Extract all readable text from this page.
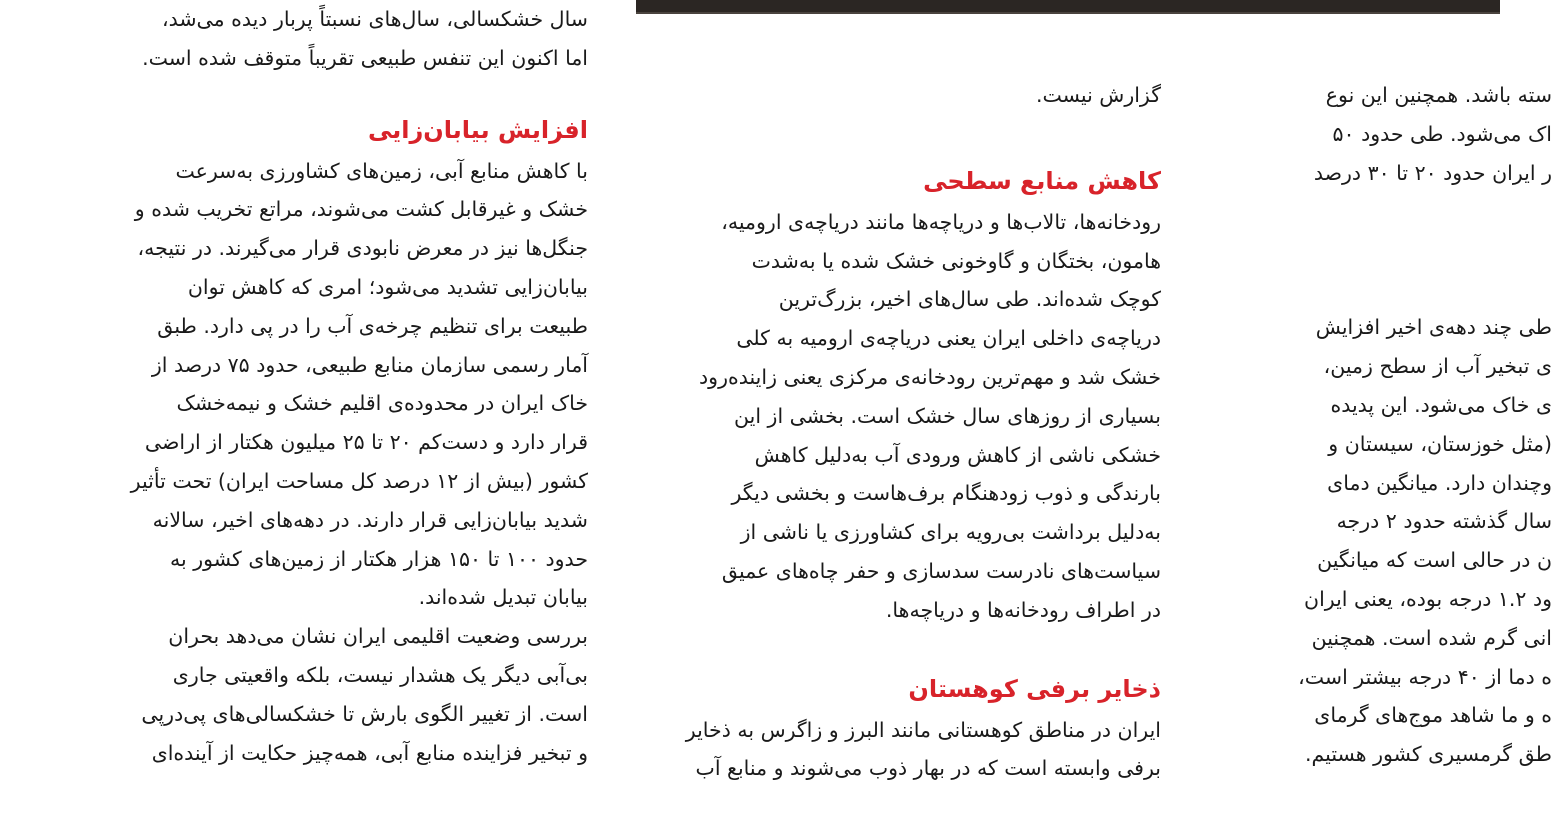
سال خشکسالی، سال‌های نسبتاً پربار دیده می‌شد،
اما اکنون این تنفس طبیعی تقریباً متوقف شده است.
افزایش بیابان‌زایی
با کاهش منابع آبی، زمین‌های کشاورزی به‌سرعت
خشک و غیرقابل کشت می‌شوند، مراتع تخریب شده و
جنگل‌ها نیز در معرض نابودی قرار می‌گیرند. در نتیجه،
بیابان‌زایی تشدید می‌شود؛ امری که کاهش توان
طبیعت برای تنظیم چرخه‌ی آب را در پی دارد. طبق
آمار رسمی سازمان منابع طبیعی، حدود ۷۵ درصد از
خاک ایران در محدوده‌ی اقلیم خشک و نیمه‌خشک
قرار دارد و دست‌کم ۲۰ تا ۲۵ میلیون هکتار از اراضی
کشور (بیش از ۱۲ درصد کل مساحت ایران) تحت تأثیر
شدید بیابان‌زایی قرار دارند. در دهه‌های اخیر، سالانه
حدود ۱۰۰ تا ۱۵۰ هزار هکتار از زمین‌های کشور به
بیابان تبدیل شده‌اند.
بررسی وضعیت اقلیمی ایران نشان می‌دهد بحران
بی‌آبی دیگر یک هشدار نیست، بلکه واقعیتی جاری
است. از تغییر الگوی بارش تا خشکسالی‌های پی‌درپی
و تبخیر فزاینده منابع آبی، همه‌چیز حکایت از آینده‌ای
گزارش نیست.
کاهش منابع سطحی
رودخانه‌ها، تالاب‌ها و دریاچه‌ها مانند دریاچه‌ی ارومیه،
هامون، بختگان و گاوخونی خشک شده یا به‌شدت
کوچک شده‌اند. طی سال‌های اخیر، بزرگ‌ترین
دریاچه‌ی داخلی ایران یعنی دریاچه‌ی ارومیه به کلی
خشک شد و مهم‌ترین رودخانه‌ی مرکزی یعنی زاینده‌رود
بسیاری از روزهای سال خشک است. بخشی از این
خشکی ناشی از کاهش ورودی آب به‌دلیل کاهش
بارندگی و ذوب زودهنگام برف‌هاست و بخشی دیگر
به‌دلیل برداشت بی‌رویه برای کشاورزی یا ناشی از
سیاست‌های نادرست سدسازی و حفر چاه‌های عمیق
در اطراف رودخانه‌ها و دریاچه‌ها.
ذخایر برفی کوهستان
ایران در مناطق کوهستانی مانند البرز و زاگرس به ذخایر
برفی وابسته است که در بهار ذوب می‌شوند و منابع آب
سته باشد. همچنین این نوع
اک می‌شود. طی حدود ۵۰
ر ایران حدود ۲۰ تا ۳۰ درصد
طی چند دهه‌ی اخیر افزایش
ی تبخیر آب از سطح زمین،
ی خاک می‌شود. این پدیده
(مثل خوزستان، سیستان و
وچندان دارد. میانگین دمای
سال گذشته حدود ۲ درجه
ن در حالی است که میانگین
ود ۱.۲ درجه بوده، یعنی ایران
انی گرم شده است. همچنین
ه دما از ۴۰ درجه بیشتر است،
ه و ما شاهد موج‌های گرمای
طق گرمسیری کشور هستیم.
